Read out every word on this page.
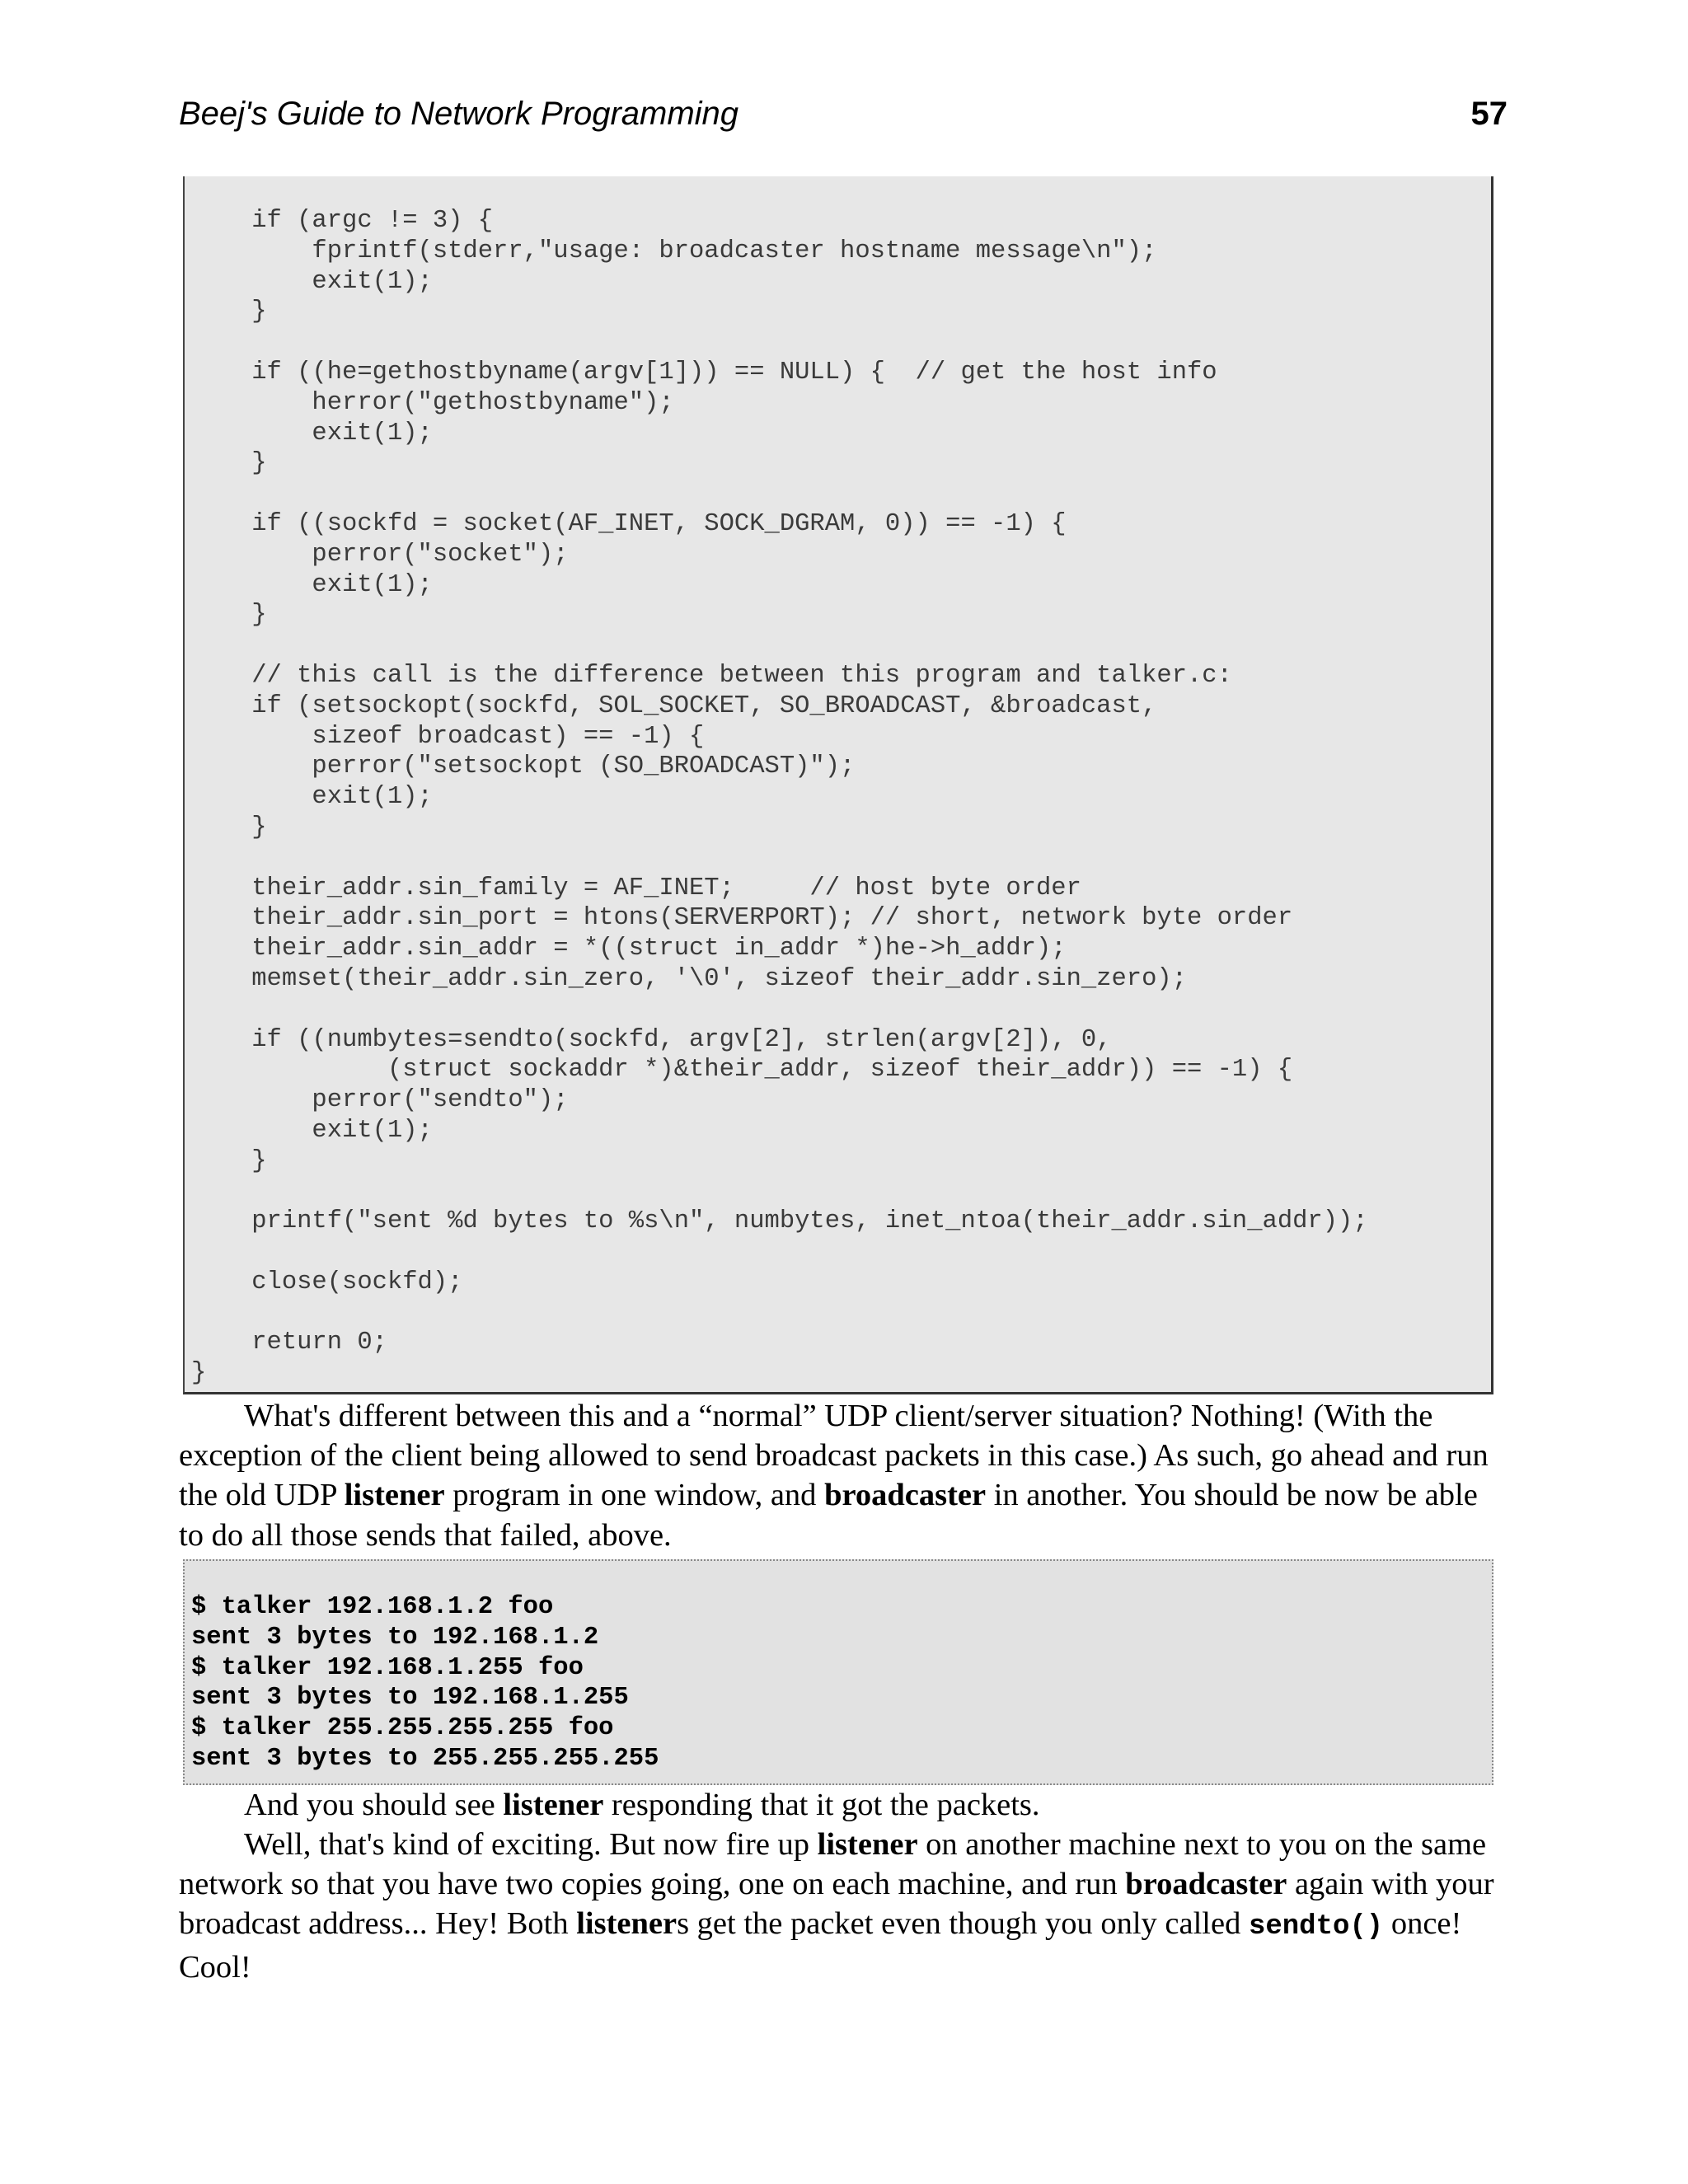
Beej's Guide to Network Programming	57
if (argc != 3) {
fprintf(stderr,"usage: broadcaster hostname message\n");
exit(1);
}

if ((he=gethostbyname(argv[1])) == NULL) {  // get the host info
herror("gethostbyname");
exit(1);
}

if ((sockfd = socket(AF_INET, SOCK_DGRAM, 0)) == -1) {
perror("socket");
exit(1);
}

// this call is the difference between this program and talker.c:
if (setsockopt(sockfd, SOL_SOCKET, SO_BROADCAST, &broadcast,
sizeof broadcast) == -1) {
perror("setsockopt (SO_BROADCAST)");
exit(1);
}

their_addr.sin_family = AF_INET;     // host byte order
their_addr.sin_port = htons(SERVERPORT); // short, network byte order
their_addr.sin_addr = *((struct in_addr *)he->h_addr);
memset(their_addr.sin_zero, '\0', sizeof their_addr.sin_zero);

if ((numbytes=sendto(sockfd, argv[2], strlen(argv[2]), 0,
(struct sockaddr *)&their_addr, sizeof their_addr)) == -1) {
perror("sendto");
exit(1);
}

printf("sent %d bytes to %s\n", numbytes, inet_ntoa(their_addr.sin_addr));

close(sockfd);

return 0;
}
What's different between this and a “normal” UDP client/server situation? Nothing! (With the exception of the client being allowed to send broadcast packets in this case.) As such, go ahead and run the old UDP listener program in one window, and broadcaster in another. You should be now be able to do all those sends that failed, above.
$ talker 192.168.1.2 foo
sent 3 bytes to 192.168.1.2
$ talker 192.168.1.255 foo
sent 3 bytes to 192.168.1.255
$ talker 255.255.255.255 foo
sent 3 bytes to 255.255.255.255
And you should see listener responding that it got the packets.
Well, that's kind of exciting. But now fire up listener on another machine next to you on the same network so that you have two copies going, one on each machine, and run broadcaster again with your broadcast address... Hey! Both listeners get the packet even though you only called sendto() once! Cool!
